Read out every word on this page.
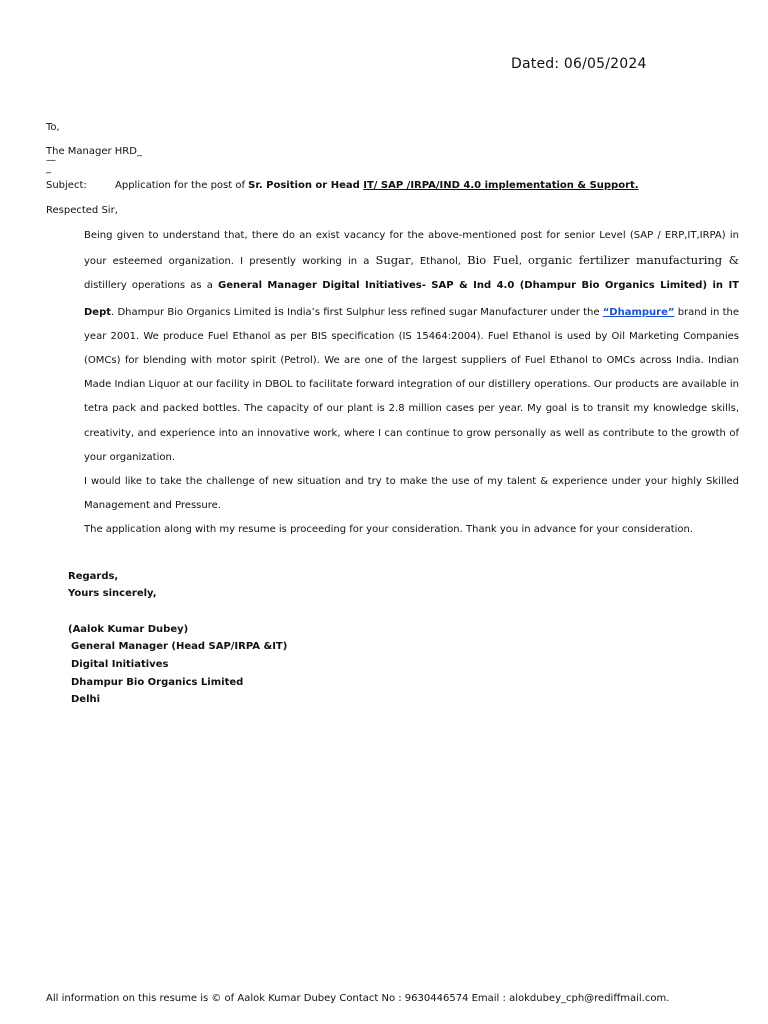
Dated: 06/05/2024
To,
The Manager HRD_
—
_
Subject:	Application for the post of Sr. Position or Head IT/ SAP /IRPA/IND 4.0 implementation & Support.
Respected Sir,

Being given to understand that, there do an exist vacancy for the above-mentioned post for senior Level (SAP / ERP,IT,IRPA) in your esteemed organization. I presently working in a Sugar, Ethanol, Bio Fuel, organic fertilizer manufacturing & distillery operations as a General Manager Digital Initiatives- SAP & Ind 4.0 (Dhampur Bio Organics Limited) in IT Dept. Dhampur Bio Organics Limited is India’s first Sulphur less refined sugar Manufacturer under the “Dhampure” brand in the year 2001. We produce Fuel Ethanol as per BIS specification (IS 15464:2004). Fuel Ethanol is used by Oil Marketing Companies (OMCs) for blending with motor spirit (Petrol). We are one of the largest suppliers of Fuel Ethanol to OMCs across India. Indian Made Indian Liquor at our facility in DBOL to facilitate forward integration of our distillery operations. Our products are available in tetra pack and packed bottles. The capacity of our plant is 2.8 million cases per year. My goal is to transit my knowledge skills, creativity, and experience into an innovative work, where I can continue to grow personally as well as contribute to the growth of your organization.

I would like to take the challenge of new situation and try to make the use of my talent & experience under your highly Skilled Management and Pressure.

The application along with my resume is proceeding for your consideration. Thank you in advance for your consideration.

Regards,
Yours sincerely,
(Aalok Kumar Dubey)
General Manager (Head SAP/IRPA &IT)
Digital Initiatives
Dhampur Bio Organics Limited
Delhi
All information on this resume is © of Aalok Kumar Dubey Contact No : 9630446574 Email : alokdubey_cph@rediffmail.com.
